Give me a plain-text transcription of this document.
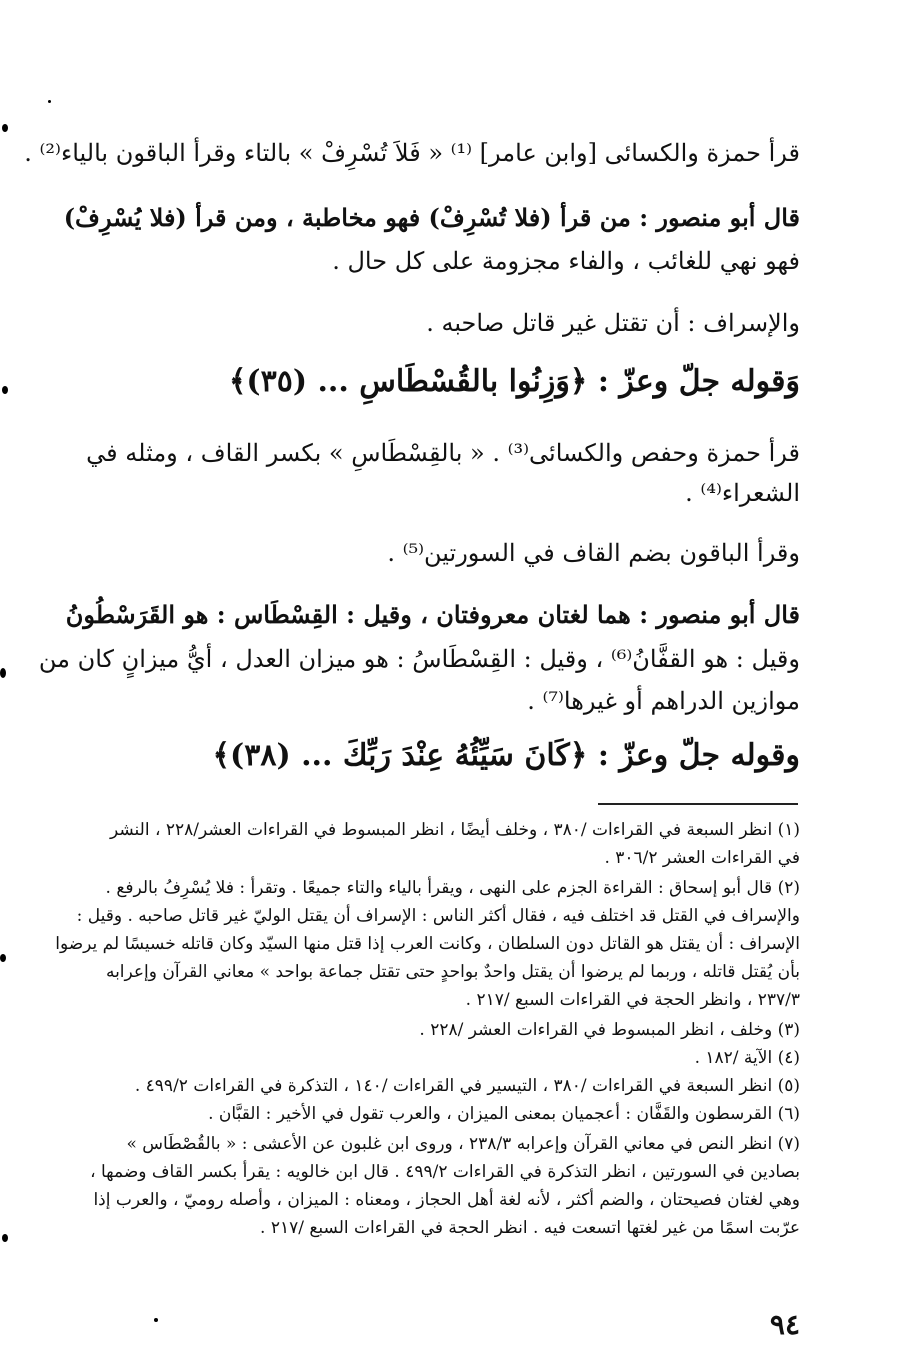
قرأ حمزة والكسائى [وابن عامر] ⁽¹⁾ « فَلاَ تُسْرِفْ » بالتاء وقرأ الباقون بالياء⁽²⁾ .
قال أبو منصور : من قرأ (فلا تُسْرِفْ) فهو مخاطبة ، ومن قرأ (فلا يُسْرِفْ)
فهو نهي للغائب ، والفاء مجزومة على كل حال .
والإسراف : أن تقتل غير قاتل صاحبه .
وَقوله جلّ وعزّ : ﴿وَزِنُوا بالقُسْطَاسِ ... (٣٥)﴾
قرأ حمزة وحفص والكسائى⁽³⁾ . « بالقِسْطَاسِ » بكسر القاف ، ومثله في
الشعراء⁽⁴⁾ .
وقرأ الباقون بضم القاف في السورتين⁽⁵⁾ .
قال أبو منصور : هما لغتان معروفتان ، وقيل : القِسْطَاس : هو القَرَسْطُونُ
وقيل : هو القفَّانُ⁽⁶⁾ ، وقيل : القِسْطَاسُ : هو ميزان العدل ، أيُّ ميزانٍ كان من
موازين الدراهم أو غيرها⁽⁷⁾ .
وقوله جلّ وعزّ : ﴿كَانَ سَيِّئُهُ عِنْدَ رَبِّكَ ... (٣٨)﴾
(١) انظر السبعة في القراءات /٣٨٠ ، وخلف أيضًا ، انظر المبسوط في القراءات العشر/٢٢٨ ، النشر
في القراءات العشر ٣٠٦/٢ .
(٢) قال أبو إسحاق : القراءة الجزم على النهى ، ويقرأ بالياء والتاء جميعًا . وتقرأ : فلا يُسْرِفُ بالرفع .
والإسراف في القتل قد اختلف فيه ، فقال أكثر الناس : الإسراف أن يقتل الوليّ غير قاتل صاحبه . وقيل :
الإسراف : أن يقتل هو القاتل دون السلطان ، وكانت العرب إذا قتل منها السيّد وكان قاتله خسيسًا لم يرضوا
بأن يُقتل قاتله ، وربما لم يرضوا أن يقتل واحدٌ بواحدٍ حتى تقتل جماعة بواحد » معاني القرآن وإعرابه
٢٣٧/٣ ، وانظر الحجة في القراءات السبع /٢١٧ .
(٣) وخلف ، انظر المبسوط في القراءات العشر /٢٢٨ .
(٤) الآية /١٨٢ .
(٥) انظر السبعة في القراءات /٣٨٠ ، التيسير في القراءات /١٤٠ ، التذكرة في القراءات ٤٩٩/٢ .
(٦) القرسطون والقَفَّان : أعجميان بمعنى الميزان ، والعرب تقول في الأخير : القبَّان .
(٧) انظر النص في معاني القرآن وإعرابه ٢٣٨/٣ ، وروى ابن غلبون عن الأعشى : « بالقُصْطَاس »
بصادين في السورتين ، انظر التذكرة في القراءات ٤٩٩/٢ . قال ابن خالويه : يقرأ بكسر القاف وضمها ،
وهي لغتان فصيحتان ، والضم أكثر ، لأنه لغة أهل الحجاز ، ومعناه : الميزان ، وأصله روميّ ، والعرب إذا
عرّبت اسمًا من غير لغتها اتسعت فيه . انظر الحجة في القراءات السبع /٢١٧ .
٩٤
